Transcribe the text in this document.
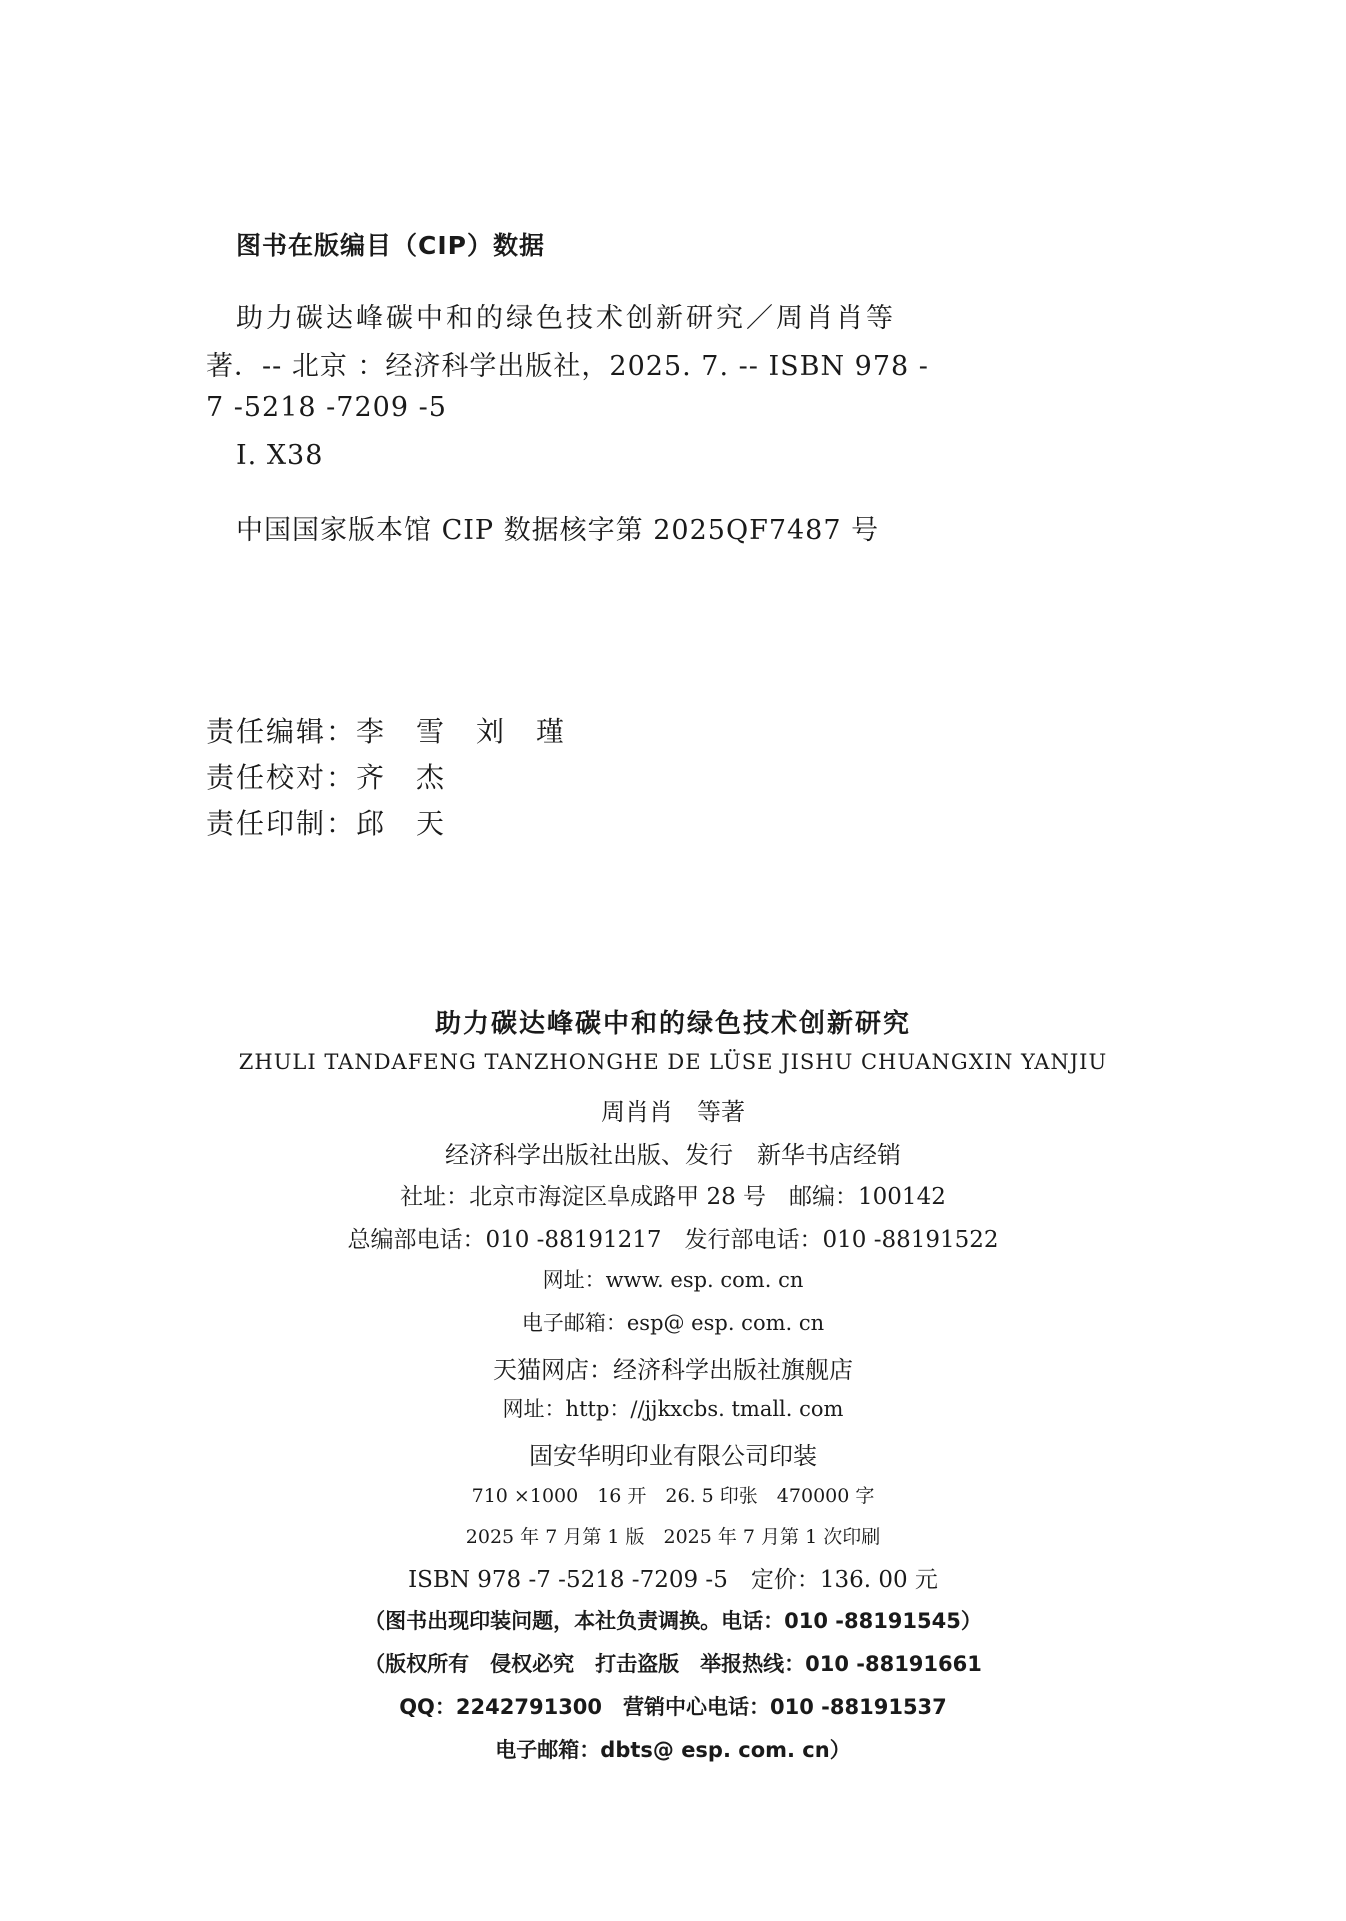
图书在版编目（CIP）数据
助力碳达峰碳中和的绿色技术创新研究／周肖肖等
著．-- 北京 ：经济科学出版社，2025. 7. -- ISBN 978 -
7 -5218 -7209 -5
Ⅰ. X38
中国国家版本馆 CIP 数据核字第 2025QF7487 号
责任编辑：李　雪 刘　瑾
责任校对：齐　杰
责任印制：邱　天
助力碳达峰碳中和的绿色技术创新研究
ZHULI TANDAFENG TANZHONGHE DE LÜSE JISHU CHUANGXIN YANJIU
周肖肖　等著
经济科学出版社出版、发行　新华书店经销
社址：北京市海淀区阜成路甲 28 号　邮编：100142
总编部电话：010 -88191217　发行部电话：010 -88191522
网址：www. esp. com. cn
电子邮箱：esp@ esp. com. cn
天猫网店：经济科学出版社旗舰店
网址：http：//jjkxcbs. tmall. com
固安华明印业有限公司印装
710 ×1000　16 开　26. 5 印张　470000 字
2025 年 7 月第 1 版　2025 年 7 月第 1 次印刷
ISBN 978 -7 -5218 -7209 -5　定价：136. 00 元
（图书出现印装问题，本社负责调换。电话：010 -88191545）
（版权所有　侵权必究　打击盗版　举报热线：010 -88191661
QQ：2242791300　营销中心电话：010 -88191537
电子邮箱：dbts@ esp. com. cn）
